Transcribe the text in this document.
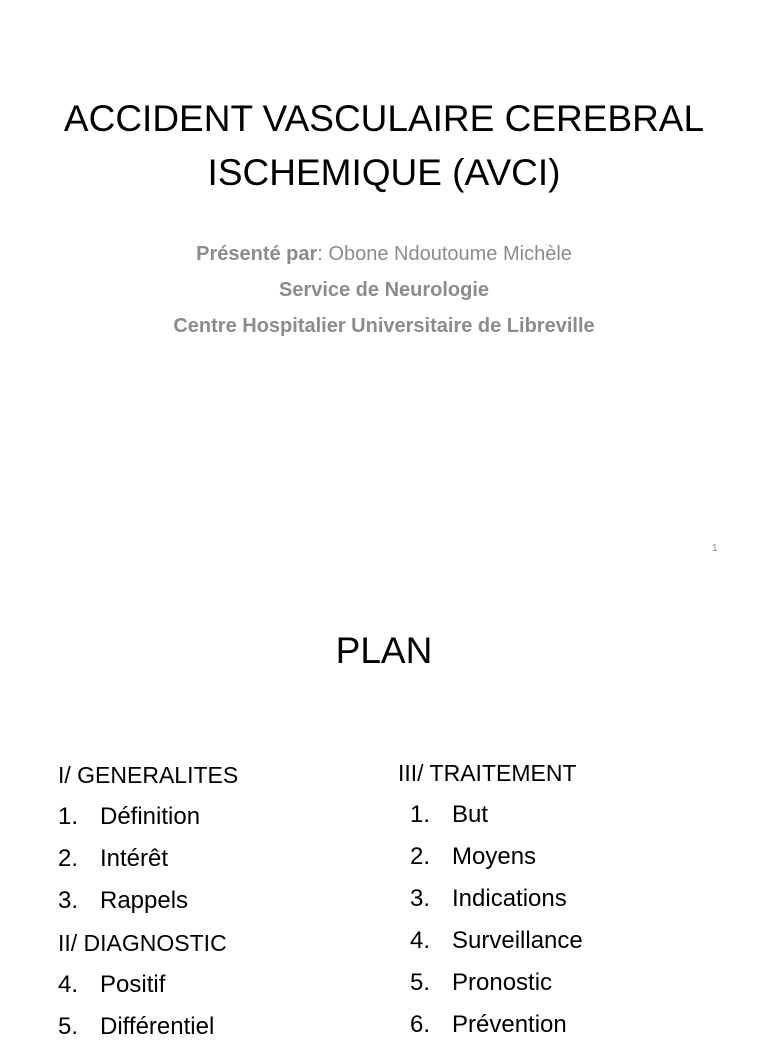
ACCIDENT VASCULAIRE CEREBRAL
ISCHEMIQUE (AVCI)
Présenté par: Obone Ndoutoume Michèle
Service de Neurologie
Centre Hospitalier Universitaire de Libreville
1
PLAN
I/ GENERALITES
1. Définition
2. Intérêt
3. Rappels
II/ DIAGNOSTIC
4. Positif
5. Différentiel
III/ TRAITEMENT
1. But
2. Moyens
3. Indications
4. Surveillance
5. Pronostic
6. Prévention
